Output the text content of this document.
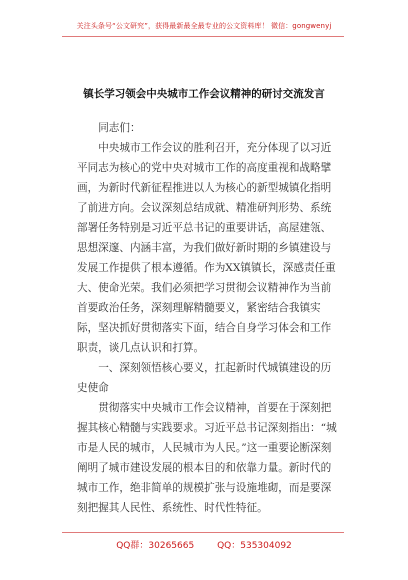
关注头条号“公文研究”，获得最新最全最专业的公文资料库！ 微信：gongwenyj
镇长学习领会中央城市工作会议精神的研讨交流发言

同志们：

中央城市工作会议的胜利召开，充分体现了以习近平同志为核心的党中央对城市工作的高度重视和战略擘画，为新时代新征程推进以人为核心的新型城镇化指明了前进方向。会议深刻总结成就、精准研判形势、系统部署任务特别是习近平总书记的重要讲话，高屋建瓴、思想深邃、内涵丰富，为我们做好新时期的乡镇建设与发展工作提供了根本遵循。作为XX镇镇长，深感责任重大、使命光荣。我们必须把学习贯彻会议精神作为当前首要政治任务，深刻理解精髓要义，紧密结合我镇实际，坚决抓好贯彻落实下面，结合自身学习体会和工作职责，谈几点认识和打算。

一、深刻领悟核心要义，扛起新时代城镇建设的历史使命

贯彻落实中央城市工作会议精神，首要在于深刻把握其核心精髓与实践要求。习近平总书记深刻指出：“城市是人民的城市，人民城市为人民。”这一重要论断深刻阐明了城市建设发展的根本目的和依靠力量。新时代的城市工作，绝非简单的规模扩张与设施堆砌，而是要深刻把握其人民性、系统性、时代性特征。

QQ群：30265665	QQ：535304092
